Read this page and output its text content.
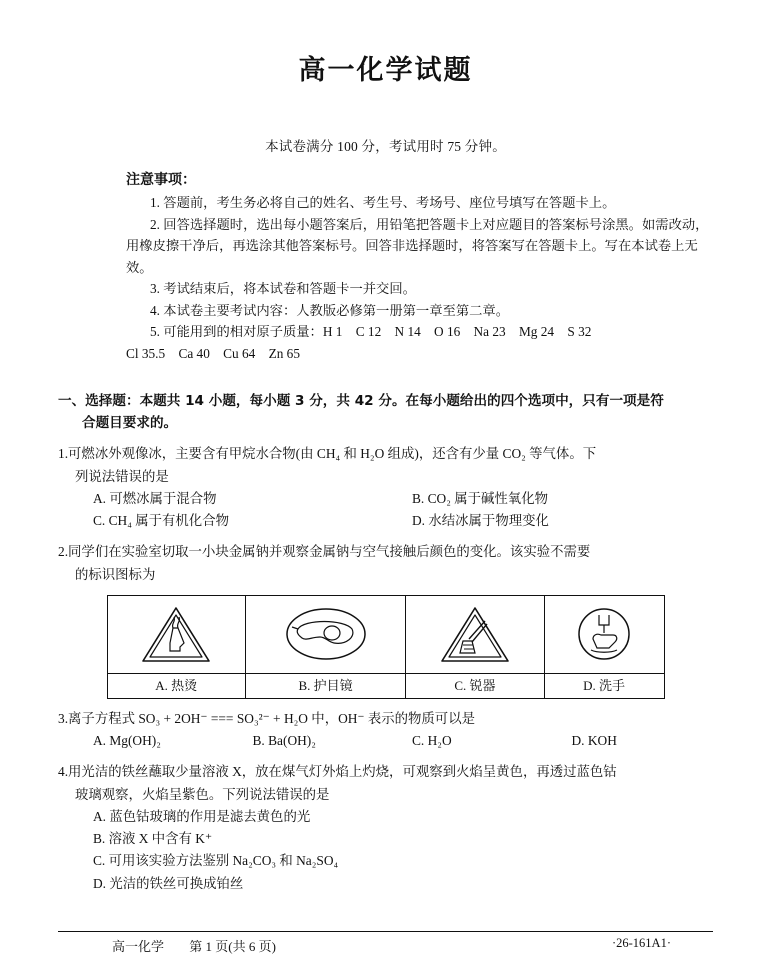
高一化学试题
本试卷满分 100 分，考试用时 75 分钟。
注意事项：
1. 答题前，考生务必将自己的姓名、考生号、考场号、座位号填写在答题卡上。
2. 回答选择题时，选出每小题答案后，用铅笔把答题卡上对应题目的答案标号涂黑。如需改动，用橡皮擦干净后，再选涂其他答案标号。回答非选择题时，将答案写在答题卡上。写在本试卷上无效。
3. 考试结束后，将本试卷和答题卡一并交回。
4. 本试卷主要考试内容：人教版必修第一册第一章至第二章。
5. 可能用到的相对原子质量：H 1　C 12　N 14　O 16　Na 23　Mg 24　S 32
Cl 35.5　Ca 40　Cu 64　Zn 65
一、选择题：本题共 14 小题，每小题 3 分，共 42 分。在每小题给出的四个选项中，只有一项是符
合题目要求的。
1.可燃冰外观像冰，主要含有甲烷水合物(由 CH₄ 和 H₂O 组成)，还含有少量 CO₂ 等气体。下
列说法错误的是
A. 可燃冰属于混合物	B. CO₂ 属于碱性氧化物
C. CH₄ 属于有机化合物	D. 水结冰属于物理变化
2.同学们在实验室切取一小块金属钠并观察金属钠与空气接触后颜色的变化。该实验不需要
的标识图标为

A. 热烫	B. 护目镜	C. 锐器	D. 洗手
3.离子方程式 SO₃ + 2OH⁻ === SO₃²⁻ + H₂O 中，OH⁻ 表示的物质可以是
A. Mg(OH)₂	B. Ba(OH)₂	C. H₂O	D. KOH
4.用光洁的铁丝蘸取少量溶液 X，放在煤气灯外焰上灼烧，可观察到火焰呈黄色，再透过蓝色钴
玻璃观察，火焰呈紫色。下列说法错误的是
A. 蓝色钴玻璃的作用是滤去黄色的光
B. 溶液 X 中含有 K⁺
C. 可用该实验方法鉴别 Na₂CO₃ 和 Na₂SO₄
D. 光洁的铁丝可换成铂丝
高一化学 第 1 页(共 6 页)	·26-161A1·
